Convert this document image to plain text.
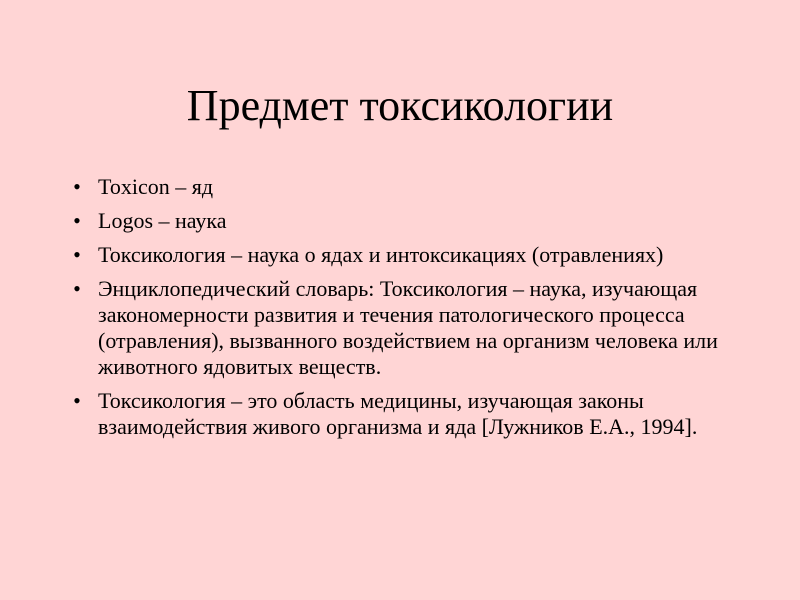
Предмет токсикологии
• Toxicon – яд
• Logos – наука
• Токсикология – наука о ядах и интоксикациях (отравлениях)
• Энциклопедический словарь: Токсикология – наука, изучающая закономерности развития и течения патологического процесса (отравления), вызванного воздействием на организм человека или животного ядовитых веществ.
• Токсикология – это область медицины, изучающая законы взаимодействия живого организма и яда [Лужников Е.А., 1994].
